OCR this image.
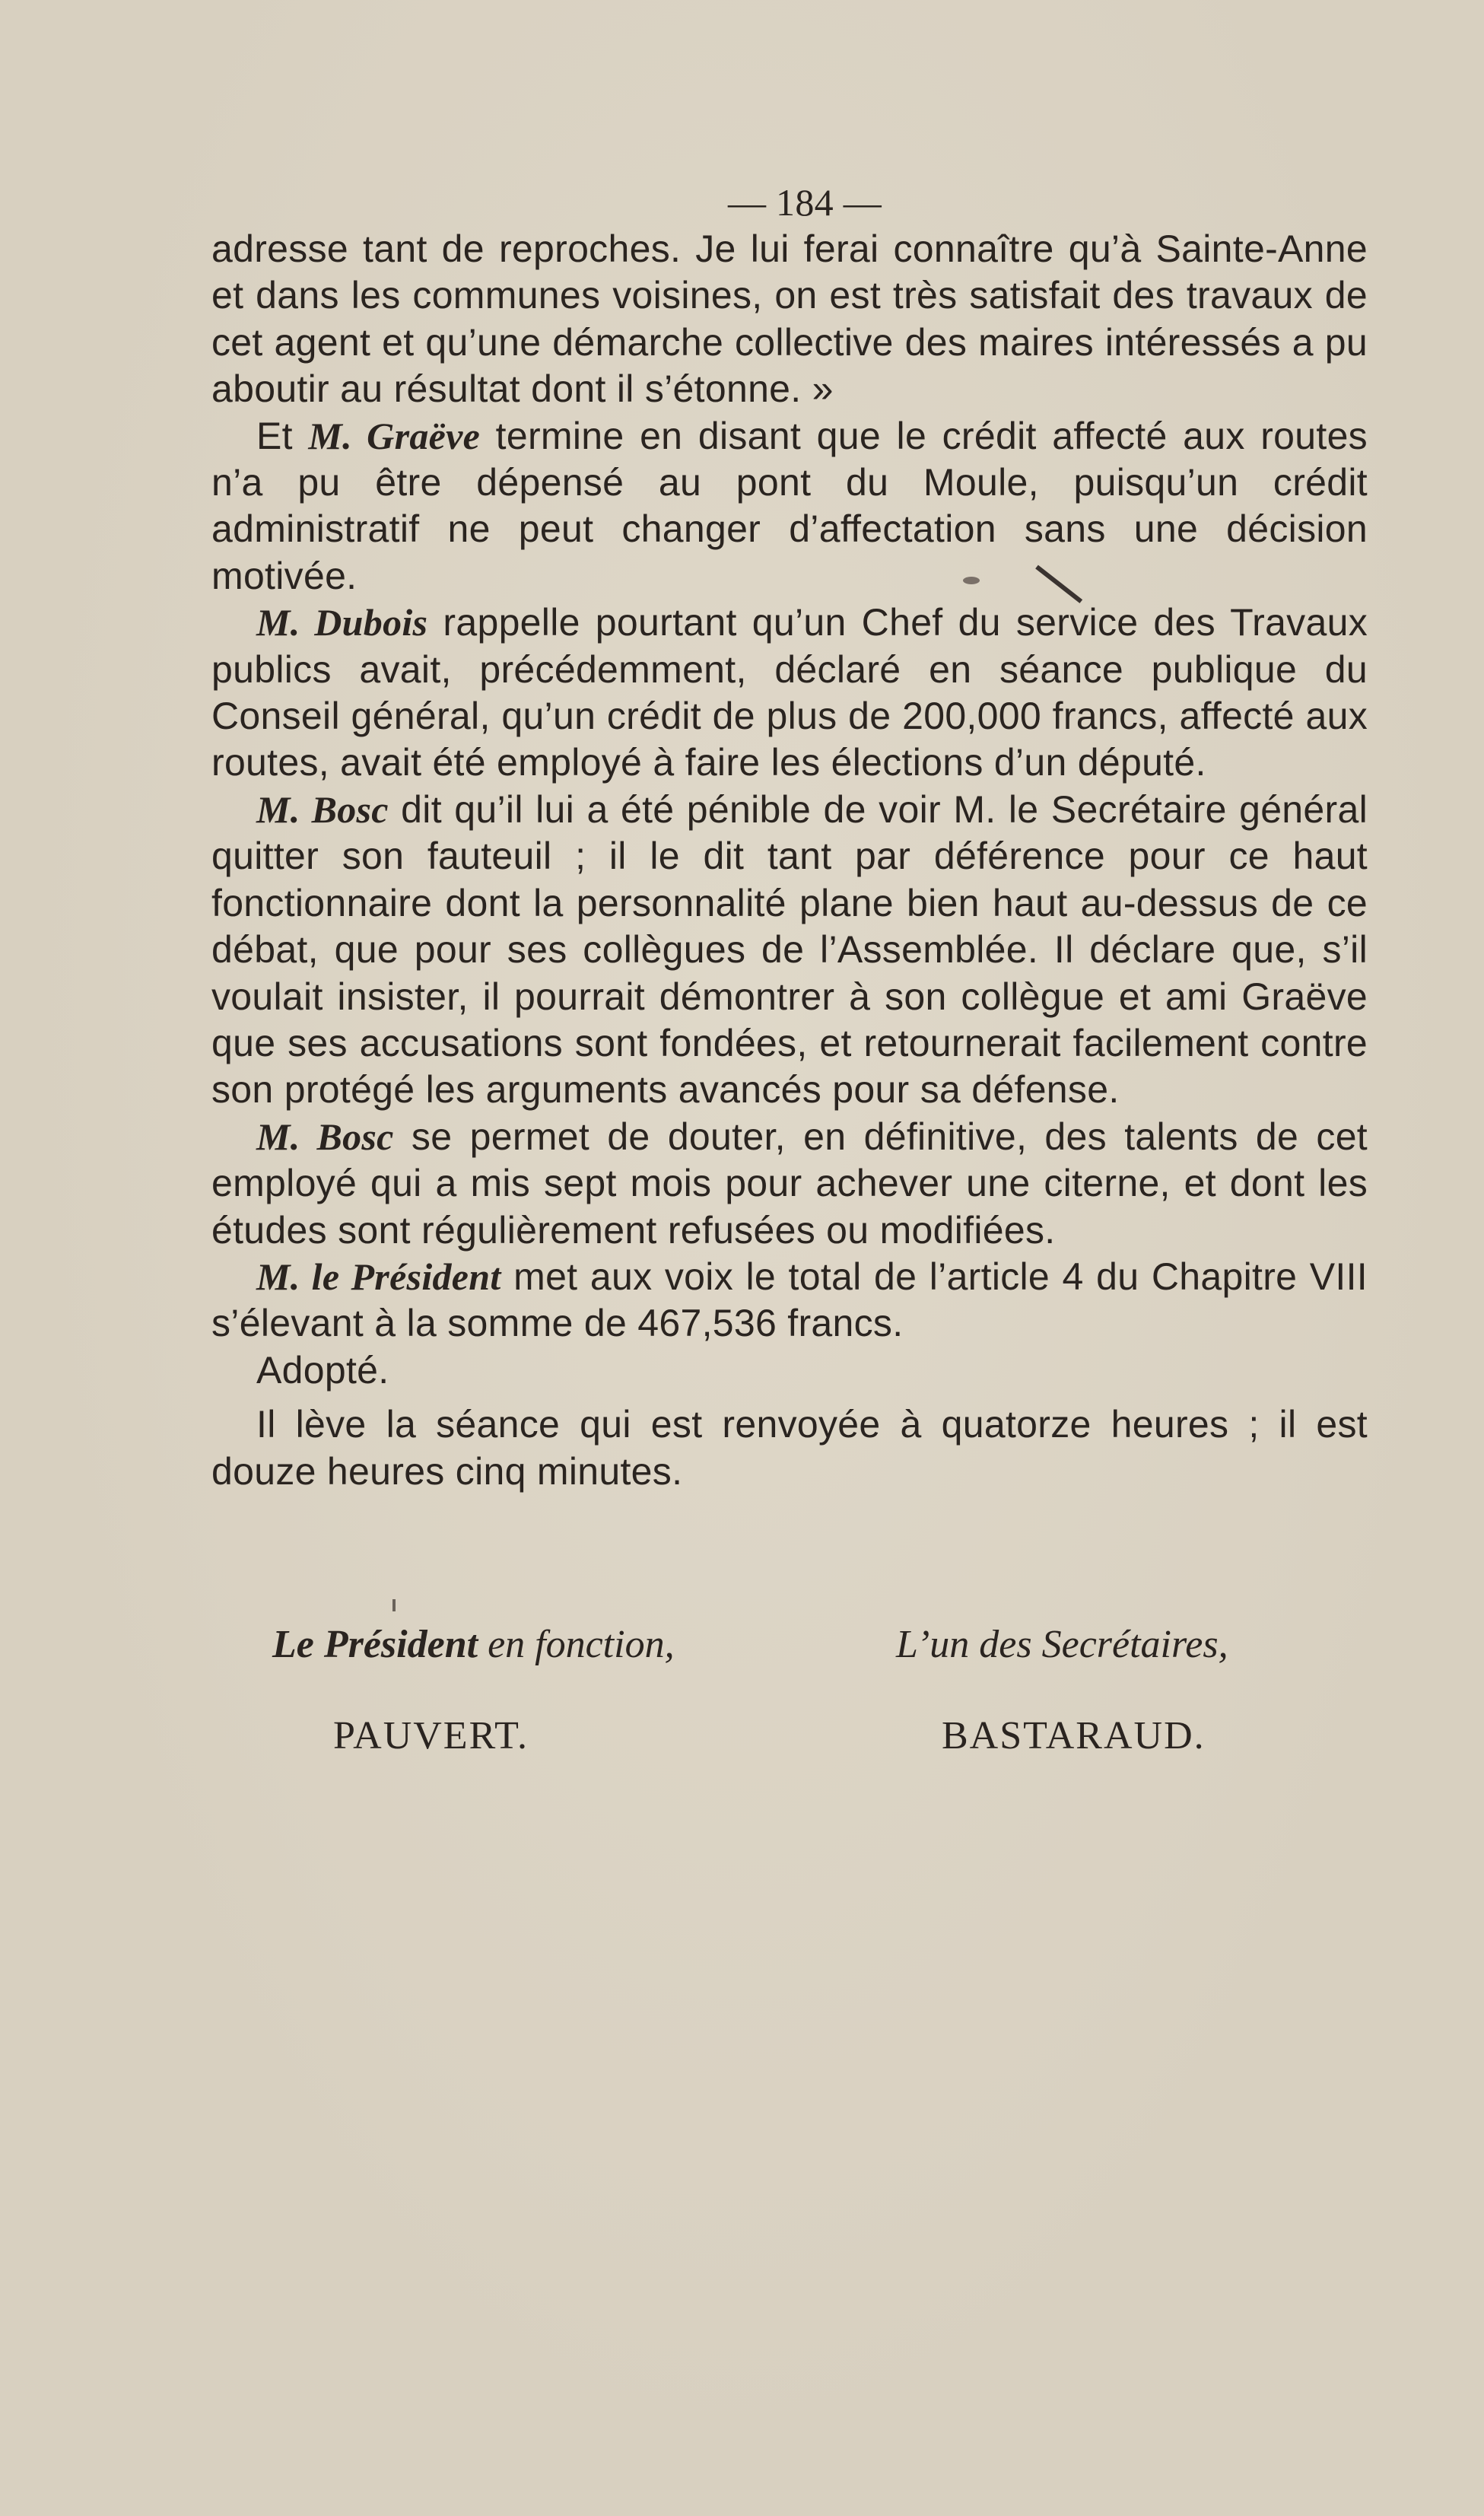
— 184 —

adresse tant de reproches. Je lui ferai connaître qu’à Sainte-Anne et dans les communes voisines, on est très satisfait des travaux de cet agent et qu’une démarche collective des maires intéressés a pu aboutir au résultat dont il s’étonne. »

Et M. Graëve termine en disant que le crédit affecté aux routes n’a pu être dépensé au pont du Moule, puisqu’un crédit administratif ne peut changer d’affectation sans une décision motivée.

M. Dubois rappelle pourtant qu’un Chef du service des Travaux publics avait, précédemment, déclaré en séance publique du Conseil général, qu’un crédit de plus de 200,000 francs, affecté aux routes, avait été employé à faire les élections d’un député.

M. Bosc dit qu’il lui a été pénible de voir M. le Secrétaire général quitter son fauteuil ; il le dit tant par déférence pour ce haut fonctionnaire dont la personnalité plane bien haut au-dessus de ce débat, que pour ses collègues de l’Assemblée. Il déclare que, s’il voulait insister, il pourrait démontrer à son collègue et ami Graëve que ses accusations sont fondées, et retournerait facilement contre son protégé les arguments avancés pour sa défense.

M. Bosc se permet de douter, en définitive, des talents de cet employé qui a mis sept mois pour achever une citerne, et dont les études sont régulièrement refusées ou modifiées.

M. le Président met aux voix le total de l’article 4 du Chapitre VIII s’élevant à la somme de 467,536 francs.

Adopté.

Il lève la séance qui est renvoyée à quatorze heures ; il est douze heures cinq minutes.

Le Président en fonction,	L’un des Secrétaires,
PAUVERT.	BASTARAUD.
